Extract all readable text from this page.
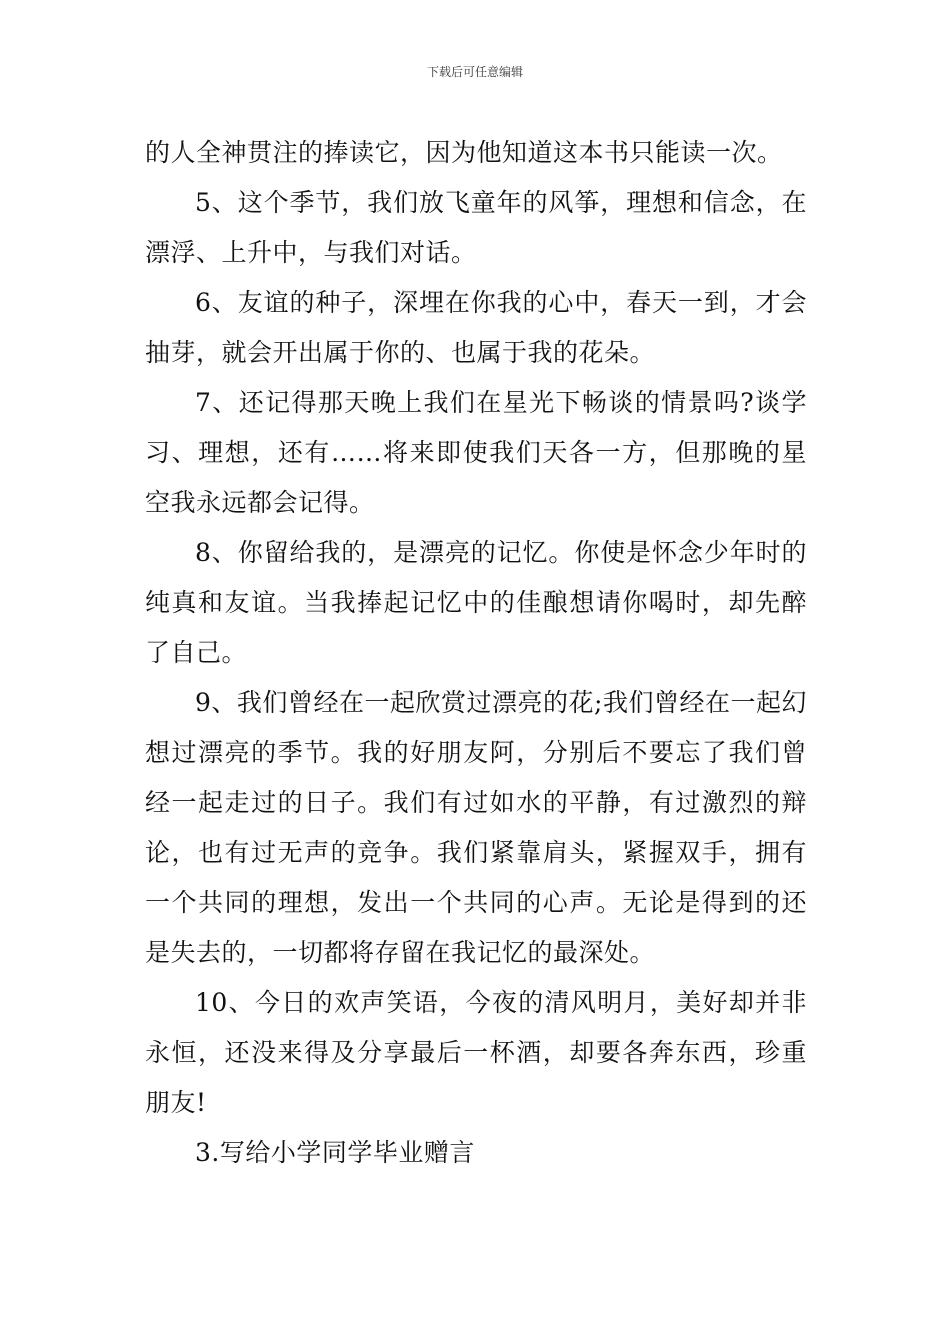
下载后可任意编辑

的人全神贯注的捧读它，因为他知道这本书只能读一次。

5、这个季节，我们放飞童年的风筝，理想和信念，在漂浮、上升中，与我们对话。

6、友谊的种子，深埋在你我的心中，春天一到，才会抽芽，就会开出属于你的、也属于我的花朵。

7、还记得那天晚上我们在星光下畅谈的情景吗?谈学习、理想，还有……将来即使我们天各一方，但那晚的星空我永远都会记得。

8、你留给我的，是漂亮的记忆。你使是怀念少年时的纯真和友谊。当我捧起记忆中的佳酿想请你喝时，却先醉了自己。

9、我们曾经在一起欣赏过漂亮的花;我们曾经在一起幻想过漂亮的季节。我的好朋友阿，分别后不要忘了我们曾经一起走过的日子。我们有过如水的平静，有过激烈的辩论，也有过无声的竞争。我们紧靠肩头，紧握双手，拥有一个共同的理想，发出一个共同的心声。无论是得到的还是失去的，一切都将存留在我记忆的最深处。

10、今日的欢声笑语，今夜的清风明月，美好却并非永恒，还没来得及分享最后一杯酒，却要各奔东西，珍重朋友!

3.写给小学同学毕业赠言
